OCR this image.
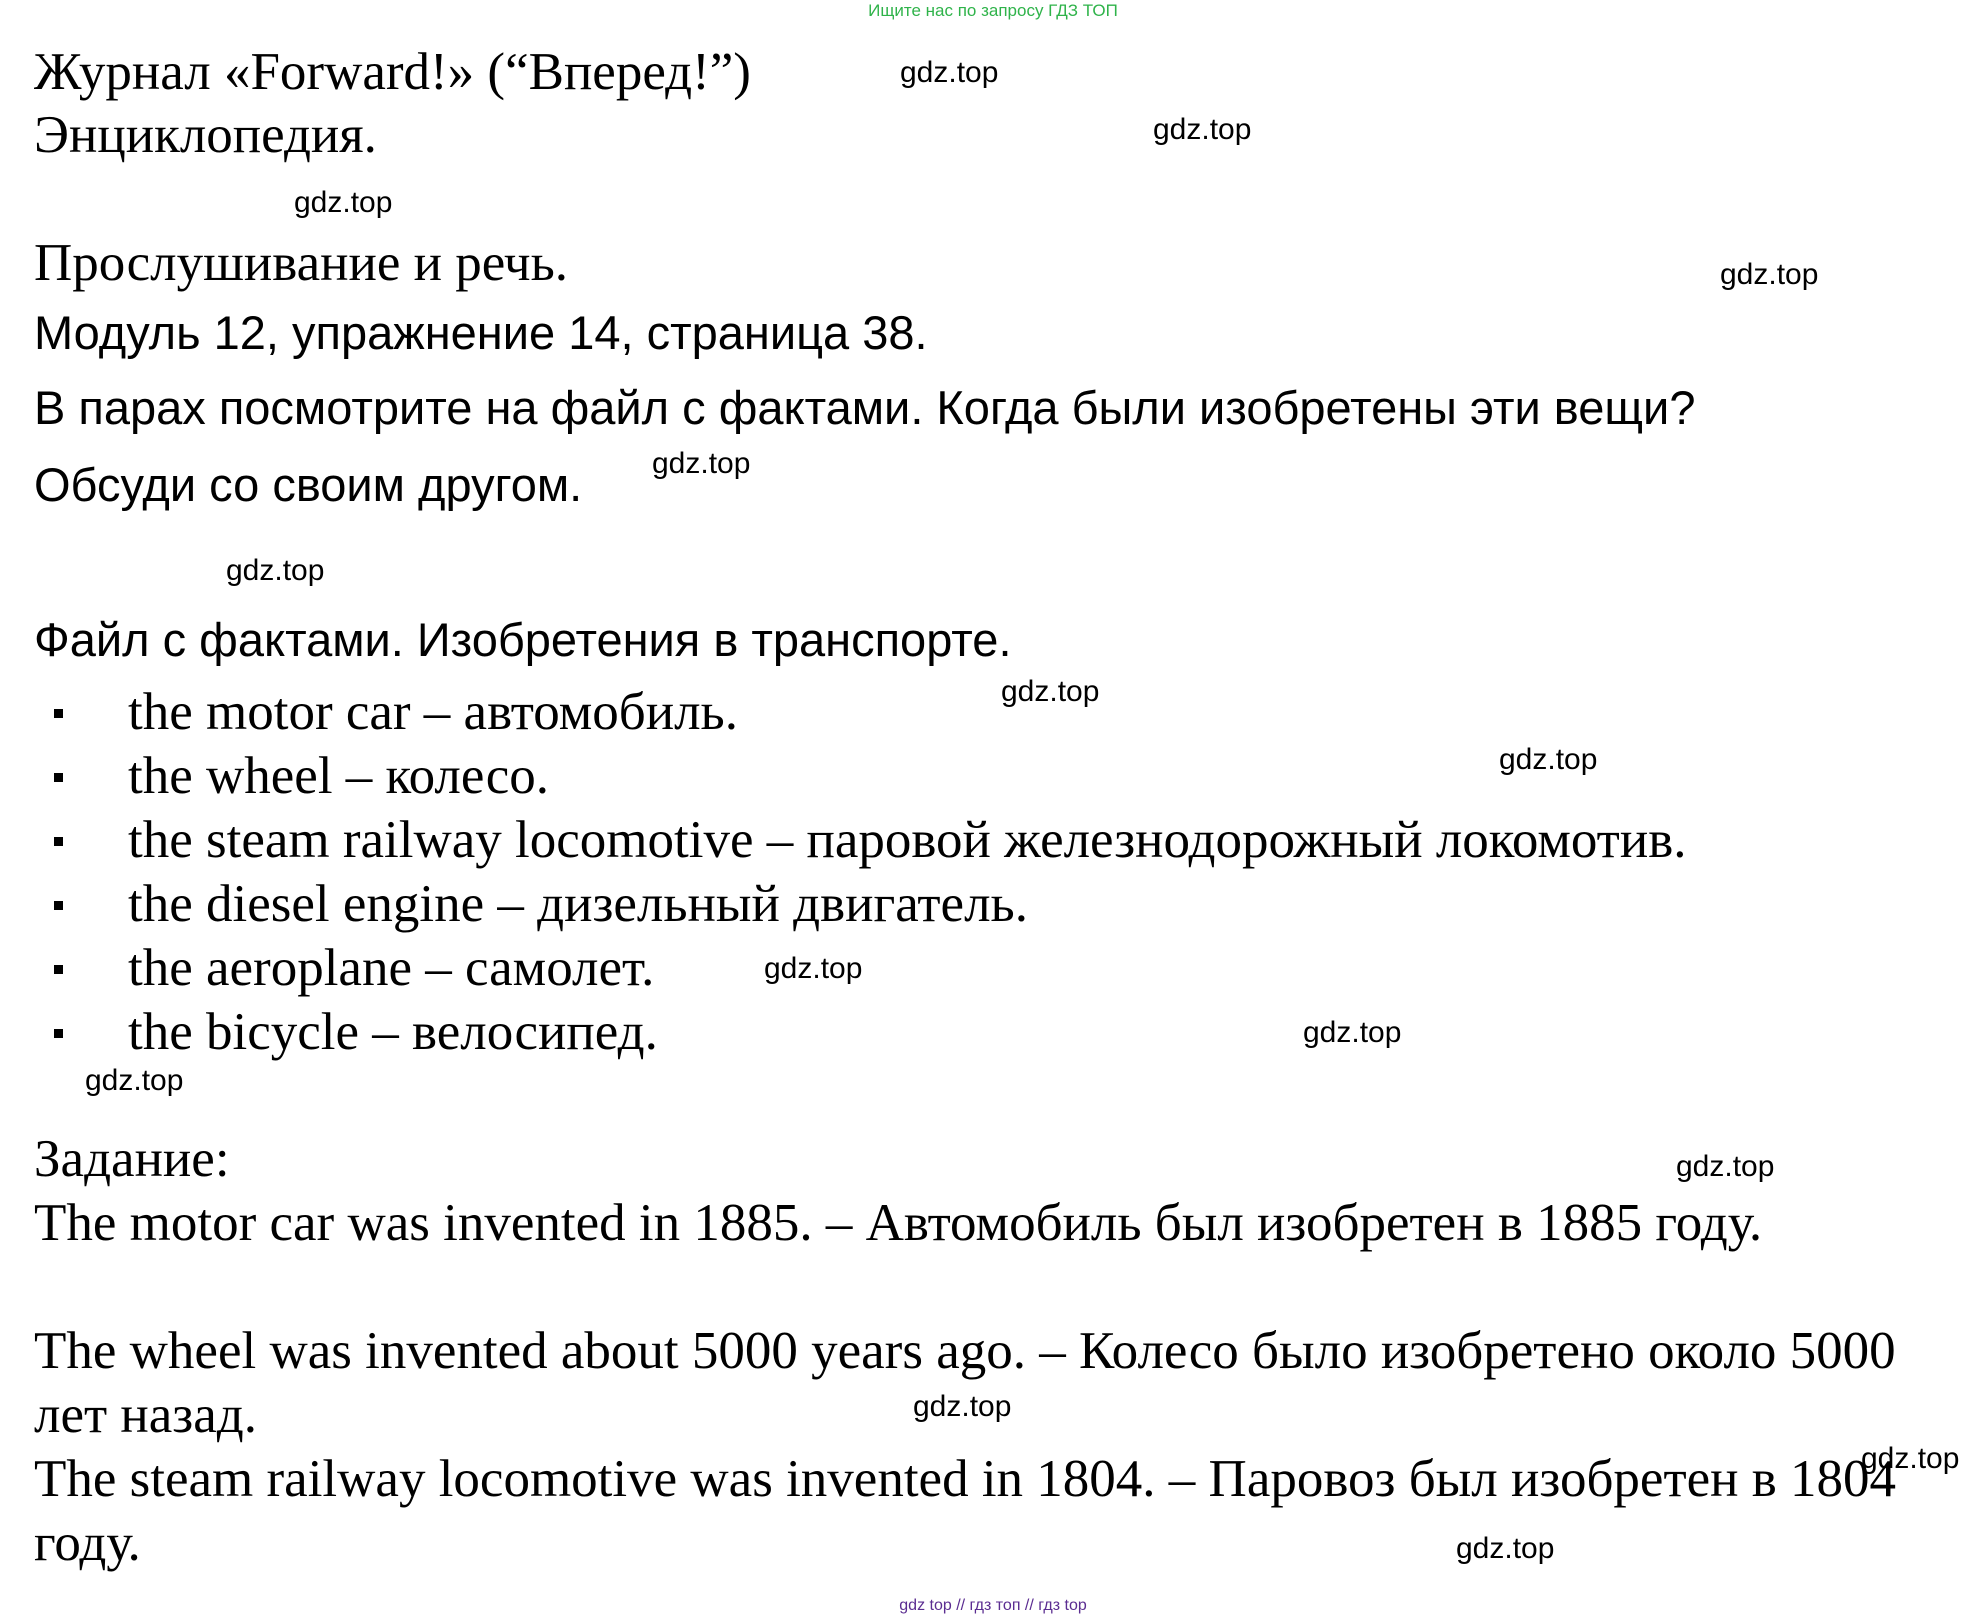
Ищите нас по запросу ГДЗ ТОП
Журнал «Forward!» (“Вперед!”)
Энциклопедия.
Прослушивание и речь.
Модуль 12, упражнение 14, страница 38.
В парах посмотрите на файл с фактами. Когда были изобретены эти вещи?
Обсуди со своим другом.
Файл с фактами. Изобретения в транспорте.
the motor car – автомобиль.
the wheel – колесо.
the steam railway locomotive – паровой железнодорожный локомотив.
the diesel engine – дизельный двигатель.
the aeroplane – самолет.
the bicycle – велосипед.
Задание:
The motor car was invented in 1885. – Автомобиль был изобретен в 1885 году.
The wheel was invented about 5000 years ago. – Колесо было изобретено около 5000 лет назад.
The steam railway locomotive was invented in 1804. – Паровоз был изобретен в 1804 году.
gdz.top
gdz.top
gdz.top
gdz.top
gdz.top
gdz.top
gdz.top
gdz.top
gdz.top
gdz.top
gdz.top
gdz.top
gdz.top
gdz.top
gdz.top
gdz top // гдз топ // гдз top
